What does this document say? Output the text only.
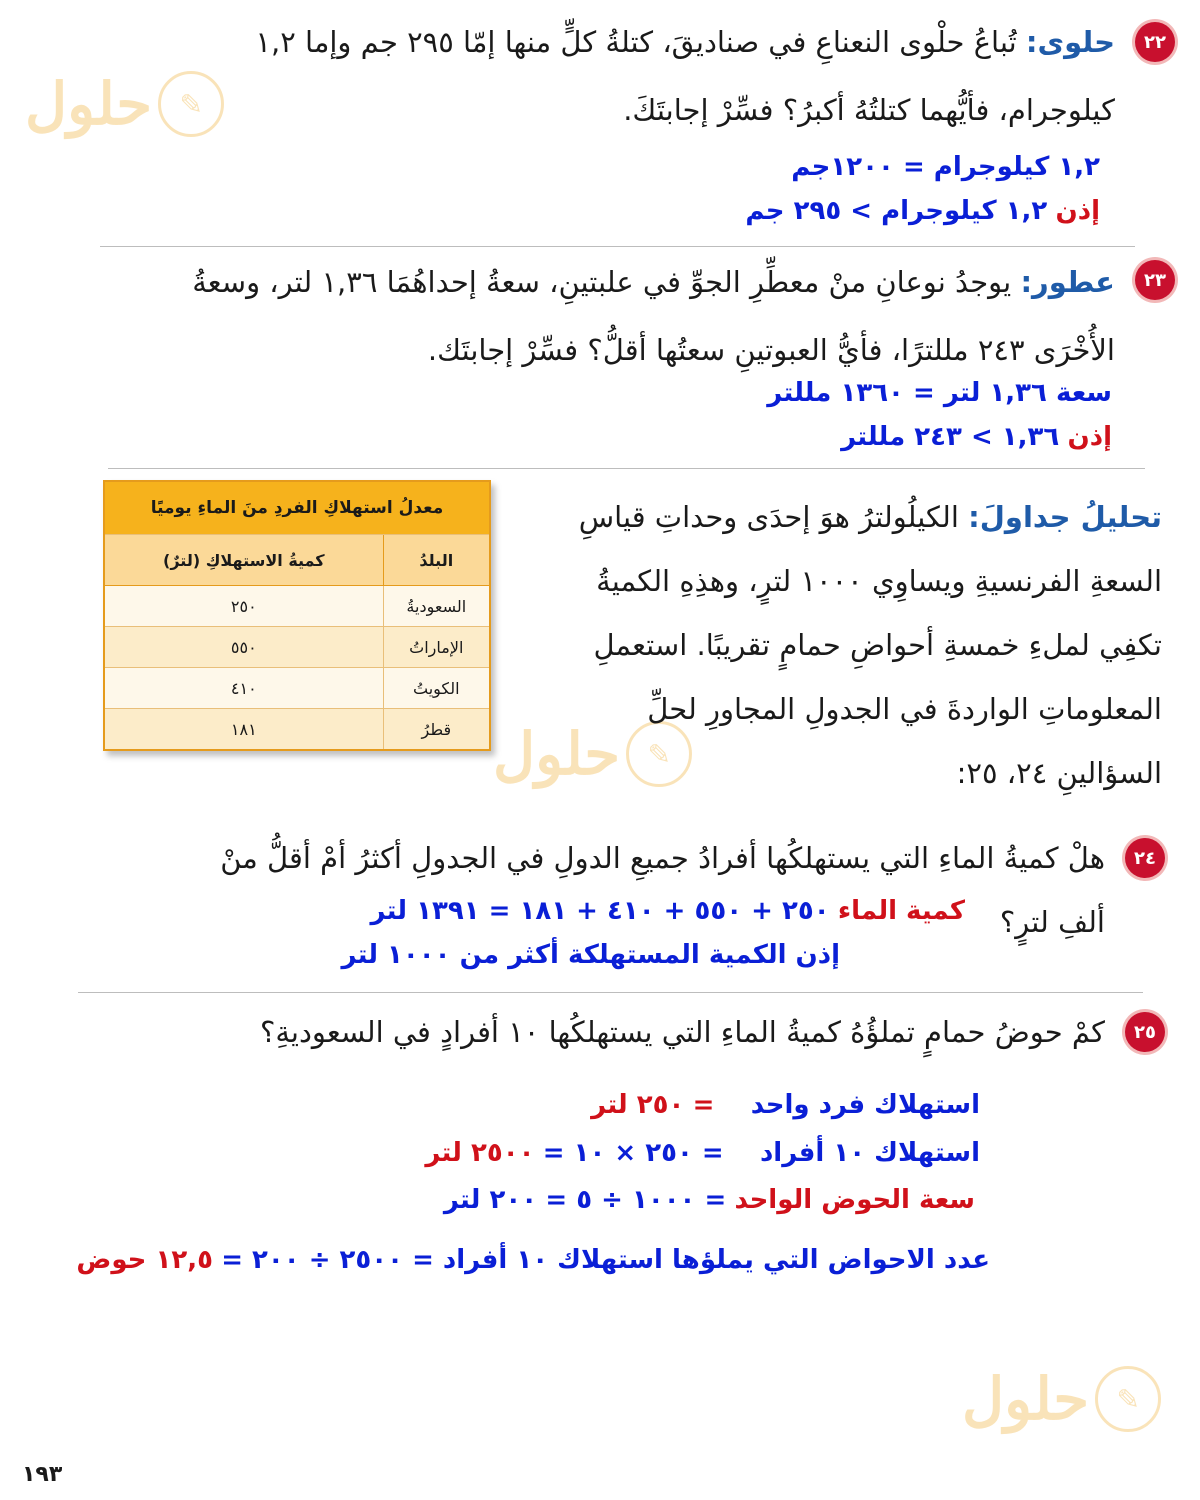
✎
حلول
✎
حلول
✎
حلول
٢٢
حلوى: تُباعُ حلْوى النعناعِ في صناديقَ، كتلةُ كلٍّ منها إمّا ٢٩٥ جم وإما ١,٢ كيلوجرام، فأيُّهما كتلتُهُ أكبرُ؟ فسِّرْ إجابتَكَ.
١,٢ كيلوجرام = ١٢٠٠جم
إذن ١,٢ كيلوجرام > ٢٩٥ جم
٢٣
عطور: يوجدُ نوعانِ منْ معطِّرِ الجوِّ في علبتينِ، سعةُ إحداهُمَا ١,٣٦ لتر، وسعةُ الأُخْرَى ٢٤٣ مللترًا، فأيُّ العبوتينِ سعتُها أقلُّ؟ فسِّرْ إجابتَك.
سعة ١,٣٦ لتر = ١٣٦٠ مللتر
إذن ١,٣٦ > ٢٤٣ مللتر
تحليلُ جداولَ: الكيلُولترُ هوَ إحدَى وحداتِ قياسِ السعةِ الفرنسيةِ ويساوِي ١٠٠٠ لترٍ، وهذِهِ الكميةُ تكفِي لملءِ خمسةِ أحواضِ حمامٍ تقريبًا. استعملِ المعلوماتِ الواردةَ في الجدولِ المجاورِ لحلِّ السؤالينِ ٢٤، ٢٥:
معدلُ استهلاكِ الفردِ منَ الماءِ يوميًا	
البلدُ	كميةُ الاستهلاكِ (لترٌ)
السعوديةُ	٢٥٠
الإماراتُ	٥٥٠
الكويتُ	٤١٠
قطرُ	١٨١
٢٤
هلْ كميةُ الماءِ التي يستهلكُها أفرادُ جميعِ الدولِ في الجدولِ أكثرُ أمْ أقلُّ منْ
ألفِ لترٍ؟
كمية الماء ٢٥٠ + ٥٥٠ + ٤١٠ + ١٨١ = ١٣٩١ لتر
إذن الكمية المستهلكة أكثر من ١٠٠٠ لتر
٢٥
كمْ حوضُ حمامٍ تملؤُهُ كميةُ الماءِ التي يستهلكُها ١٠ أفرادٍ في السعوديةِ؟
استهلاك فرد واحد = ٢٥٠ لتر
استهلاك ١٠ أفراد = ٢٥٠ × ١٠ = ٢٥٠٠ لتر
سعة الحوض الواحد = ١٠٠٠ ÷ ٥ = ٢٠٠ لتر
عدد الاحواض التي يملؤها استهلاك ١٠ أفراد = ٢٥٠٠ ÷ ٢٠٠ = ١٢,٥ حوض
١٩٣
